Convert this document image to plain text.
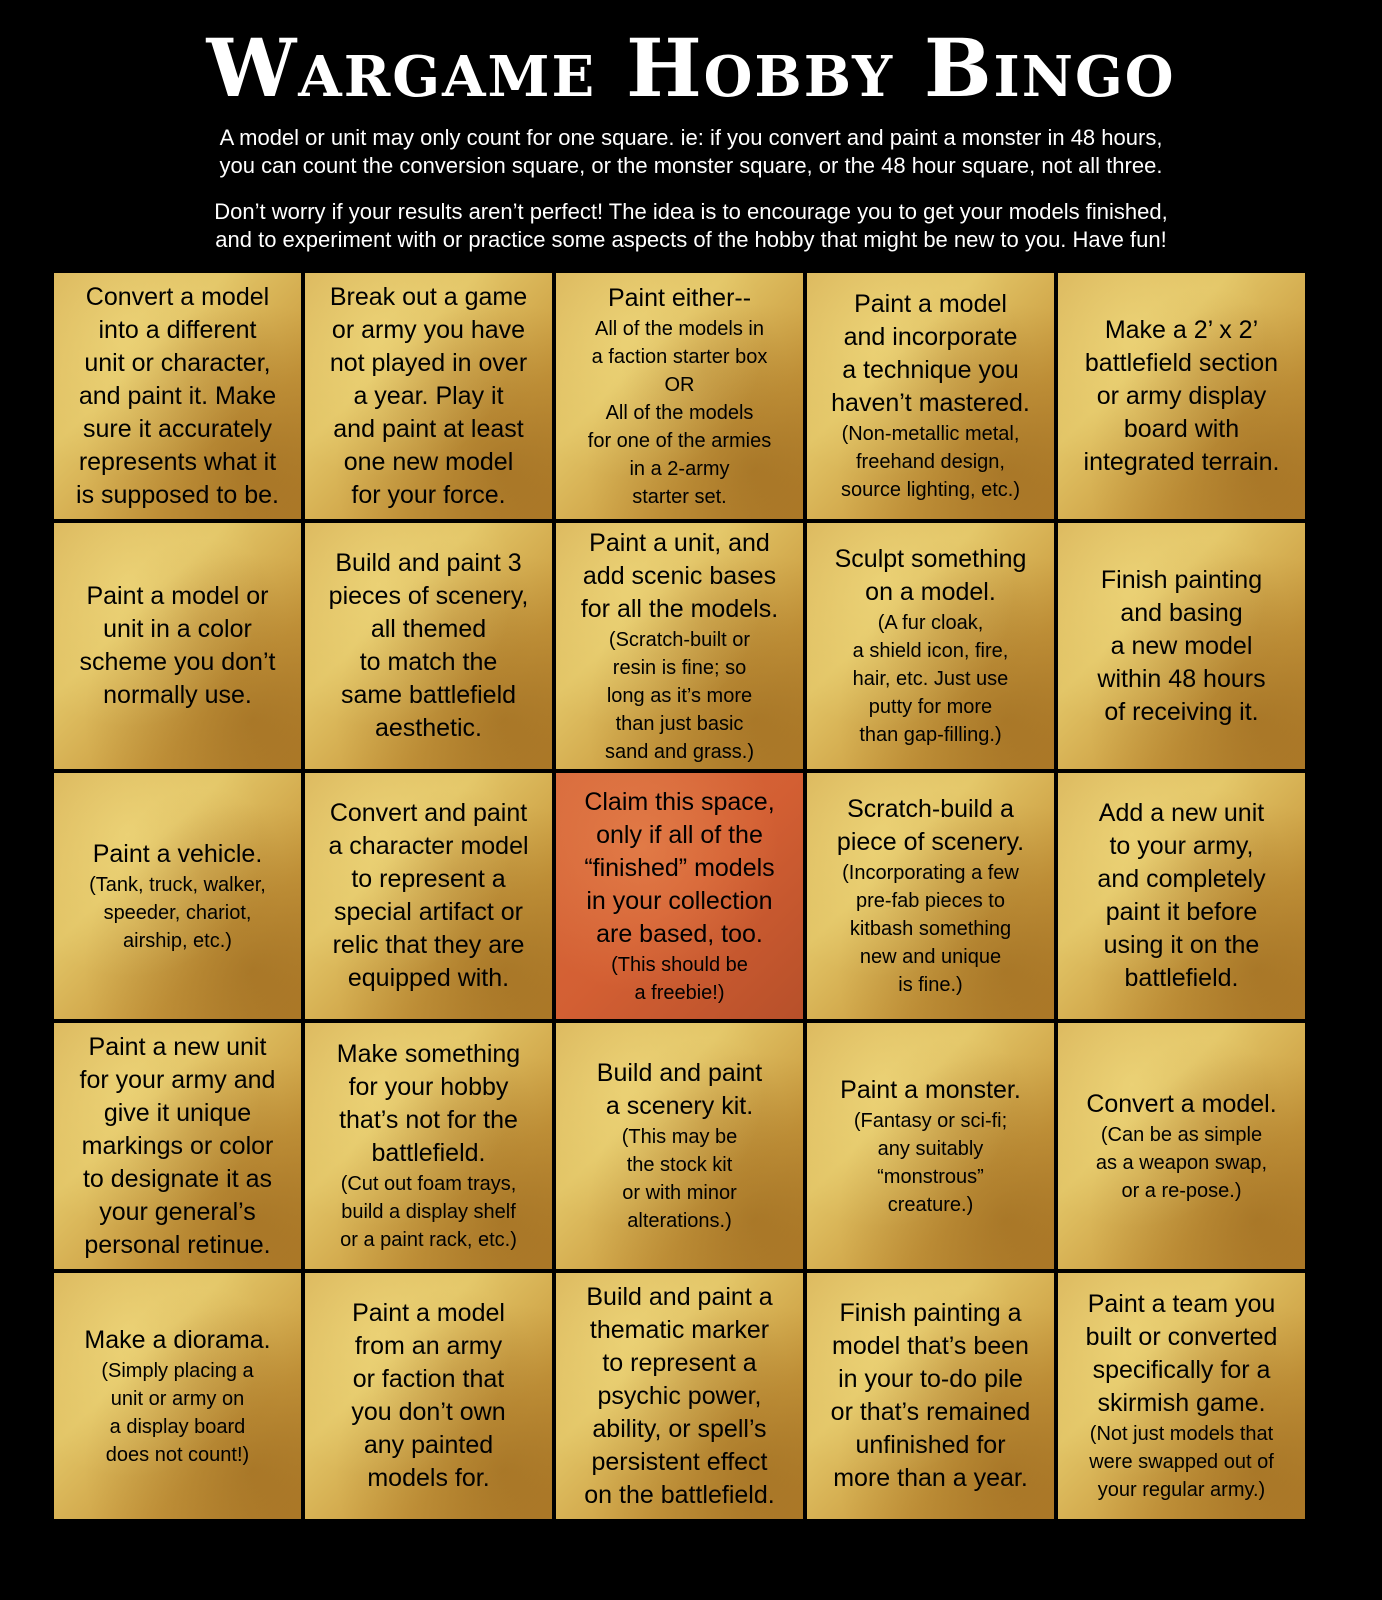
Wargame Hobby Bingo
A model or unit may only count for one square. ie: if you convert and paint a monster in 48 hours,
you can count the conversion square, or the monster square, or the 48 hour square, not all three.
Don’t worry if your results aren’t perfect! The idea is to encourage you to get your models finished,
and to experiment with or practice some aspects of the hobby that might be new to you. Have fun!

Convert a model
into a different
unit or character,
and paint it. Make
sure it accurately
represents what it
is supposed to be.

Break out a game
or army you have
not played in over
a year. Play it
and paint at least
one new model
for your force.

Paint either--

All of the models in
a faction starter box
OR
All of the models
for one of the armies
in a 2-army
starter set.

Paint a model
and incorporate
a technique you
haven’t mastered.

(Non-metallic metal,
freehand design,
source lighting, etc.)

Make a 2’ x 2’
battlefield section
or army display
board with
integrated terrain.

Paint a model or
unit in a color
scheme you don’t
normally use.

Build and paint 3
pieces of scenery,
all themed
to match the
same battlefield
aesthetic.

Paint a unit, and
add scenic bases
for all the models.

(Scratch-built or
resin is fine; so
long as it’s more
than just basic
sand and grass.)

Sculpt something
on a model.

(A fur cloak,
a shield icon, fire,
hair, etc. Just use
putty for more
than gap-filling.)

Finish painting
and basing
a new model
within 48 hours
of receiving it.

Paint a vehicle.

(Tank, truck, walker,
speeder, chariot,
airship, etc.)

Convert and paint
a character model
to represent a
special artifact or
relic that they are
equipped with.

Claim this space,
only if all of the
“finished” models
in your collection
are based, too.

(This should be
a freebie!)

Scratch-build a
piece of scenery.

(Incorporating a few
pre-fab pieces to
kitbash something
new and unique
is fine.)

Add a new unit
to your army,
and completely
paint it before
using it on the
battlefield.

Paint a new unit
for your army and
give it unique
markings or color
to designate it as
your general’s
personal retinue.

Make something
for your hobby
that’s not for the
battlefield.

(Cut out foam trays,
build a display shelf
or a paint rack, etc.)

Build and paint
a scenery kit.

(This may be
the stock kit
or with minor
alterations.)

Paint a monster.

(Fantasy or sci-fi;
any suitably
“monstrous”
creature.)

Convert a model.

(Can be as simple
as a weapon swap,
or a re-pose.)

Make a diorama.

(Simply placing a
unit or army on
a display board
does not count!)

Paint a model
from an army
or faction that
you don’t own
any painted
models for.

Build and paint a
thematic marker
to represent a
psychic power,
ability, or spell’s
persistent effect
on the battlefield.

Finish painting a
model that’s been
in your to-do pile
or that’s remained
unfinished for
more than a year.

Paint a team you
built or converted
specifically for a
skirmish game.

(Not just models that
were swapped out of
your regular army.)
